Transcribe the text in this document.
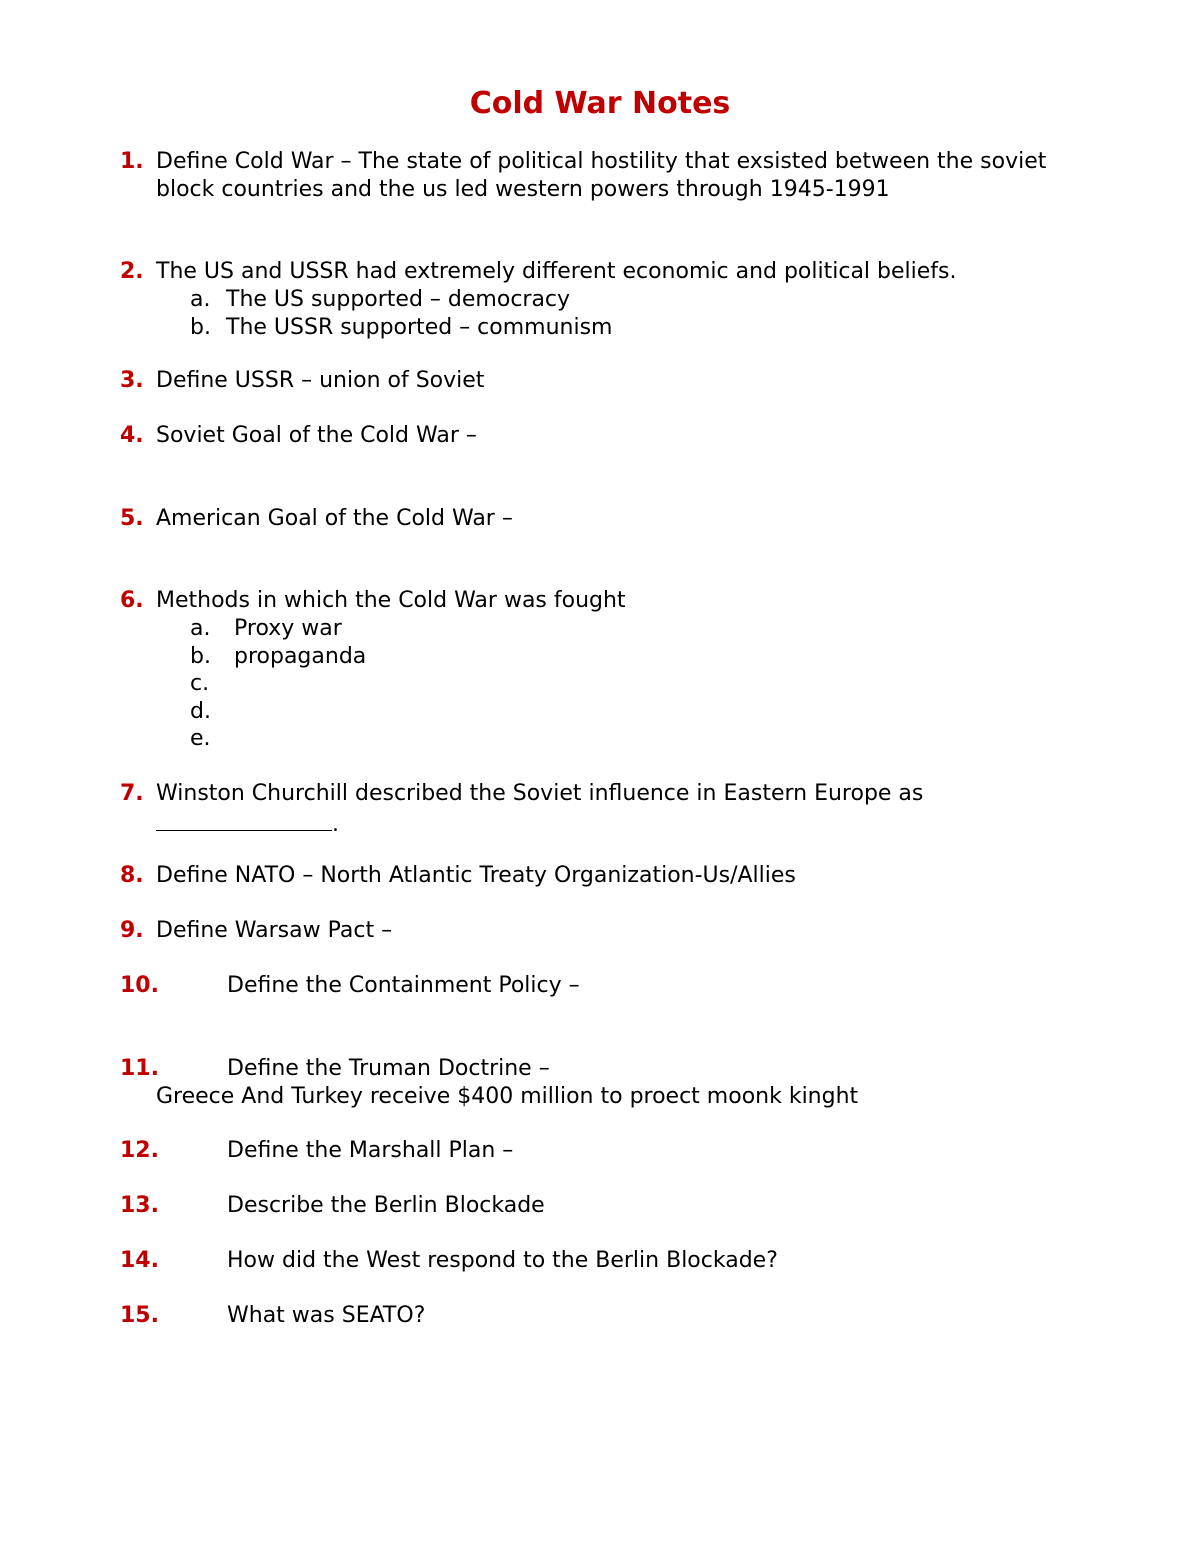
Cold War Notes
1. Define Cold War – The state of political hostility that exsisted between the soviet
block countries and the us led western powers through 1945-1991
2. The US and USSR had extremely different economic and political beliefs.
a. The US supported – democracy
b. The USSR supported – communism
3. Define USSR – union of Soviet
4. Soviet Goal of the Cold War –
5. American Goal of the Cold War –
6. Methods in which the Cold War was fought
a. Proxy war
b. propaganda
c.
d.
e.
7. Winston Churchill described the Soviet influence in Eastern Europe as
.
8. Define NATO – North Atlantic Treaty Organization-Us/Allies
9. Define Warsaw Pact –
10.	Define the Containment Policy –
11.	Define the Truman Doctrine –
Greece And Turkey receive $400 million to proect moonk kinght
12.	Define the Marshall Plan –
13.	Describe the Berlin Blockade
14.	How did the West respond to the Berlin Blockade?
15.	What was SEATO?
